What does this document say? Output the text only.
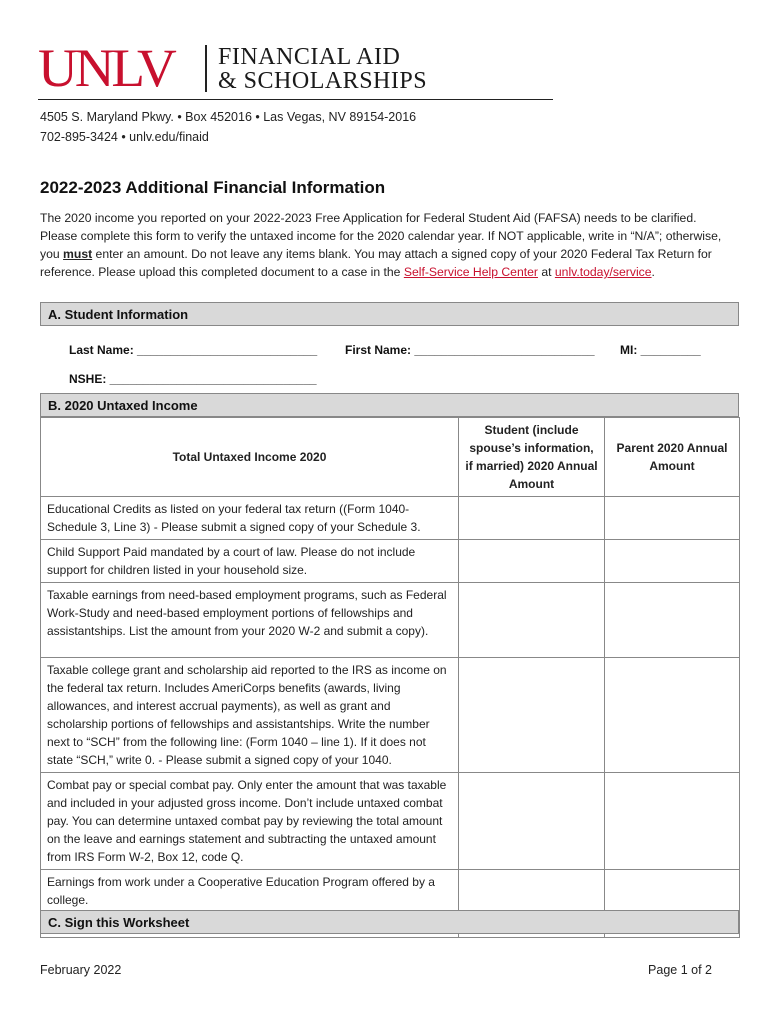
UNLV FINANCIAL AID
& SCHOLARSHIPS
4505 S. Maryland Pkwy. • Box 452016 • Las Vegas, NV 89154-2016
702-895-3424 • unlv.edu/finaid
2022-2023 Additional Financial Information
The 2020 income you reported on your 2022-2023 Free Application for Federal Student Aid (FAFSA) needs to be clarified. Please complete this form to verify the untaxed income for the 2020 calendar year. If NOT applicable, write in “N/A”; otherwise, you must enter an amount. Do not leave any items blank. You may attach a signed copy of your 2020 Federal Tax Return for reference. Please upload this completed document to a case in the Self-Service Help Center at unlv.today/service.
A. Student Information
Last Name: ___________________________ First Name: ___________________________ MI: _________
NSHE: _______________________________
B. 2020 Untaxed Income
Total Untaxed Income 2020	Student (include spouse’s information, if married) 2020 Annual Amount	Parent 2020 Annual Amount
Educational Credits as listed on your federal tax return ((Form 1040-Schedule 3, Line 3) - Please submit a signed copy of your Schedule 3.		
Child Support Paid mandated by a court of law. Please do not include support for children listed in your household size.		
Taxable earnings from need-based employment programs, such as Federal Work-Study and need-based employment portions of fellowships and assistantships. List the amount from your 2020 W-2 and submit a copy).		
Taxable college grant and scholarship aid reported to the IRS as income on the federal tax return. Includes AmeriCorps benefits (awards, living allowances, and interest accrual payments), as well as grant and scholarship portions of fellowships and assistantships. Write the number next to “SCH” from the following line: (Form 1040 – line 1). If it does not state “SCH,” write 0. - Please submit a signed copy of your 1040.		
Combat pay or special combat pay. Only enter the amount that was taxable and included in your adjusted gross income. Don’t include untaxed combat pay. You can determine untaxed combat pay by reviewing the total amount on the leave and earnings statement and subtracting the untaxed amount from IRS Form W-2, Box 12, code Q.		
Earnings from work under a Cooperative Education Program offered by a college.		

C. Sign this Worksheet
February 2022	Page 1 of 2
